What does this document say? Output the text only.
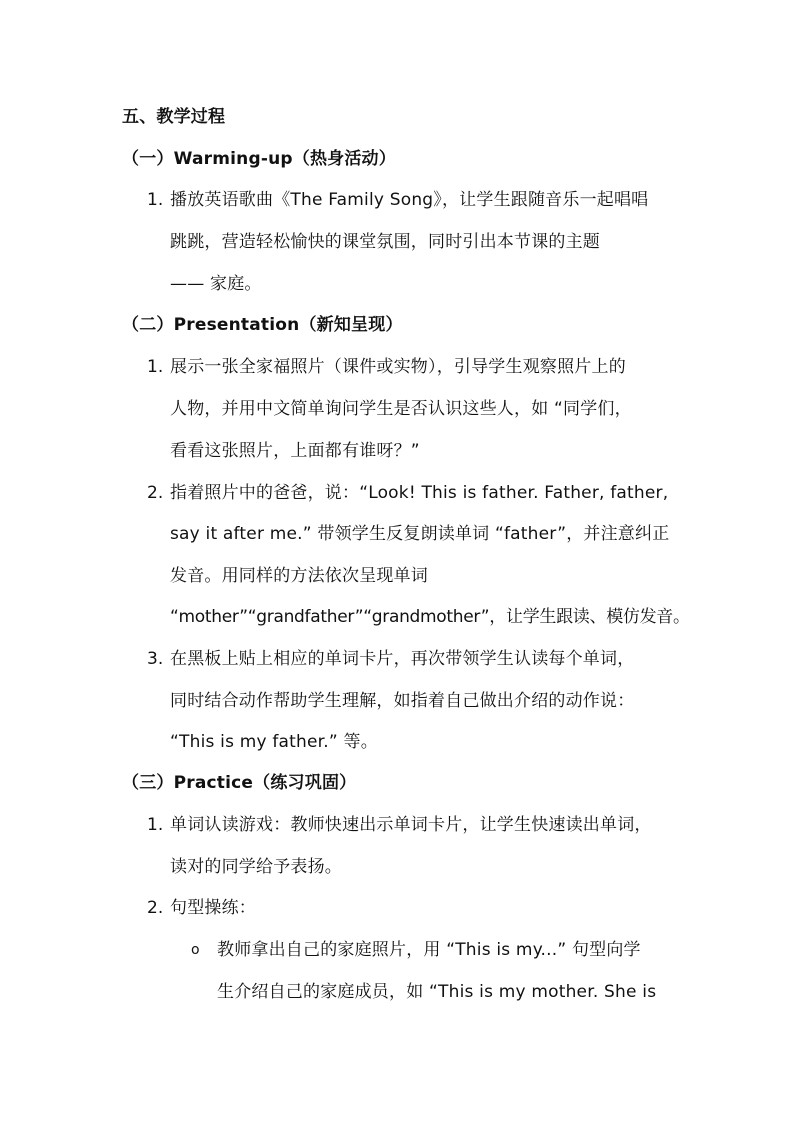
五、教学过程
（一）Warming-up（热身活动）
1. 播放英语歌曲《The Family Song》，让学生跟随音乐一起唱唱
跳跳，营造轻松愉快的课堂氛围，同时引出本节课的主题
—— 家庭。
（二）Presentation（新知呈现）
1. 展示一张全家福照片（课件或实物），引导学生观察照片上的
人物，并用中文简单询问学生是否认识这些人，如 “同学们，
看看这张照片，上面都有谁呀？”
2. 指着照片中的爸爸，说：“Look! This is father. Father, father,
say it after me.” 带领学生反复朗读单词 “father”，并注意纠正
发音。用同样的方法依次呈现单词
“mother”“grandfather”“grandmother”，让学生跟读、模仿发音。
3. 在黑板上贴上相应的单词卡片，再次带领学生认读每个单词，
同时结合动作帮助学生理解，如指着自己做出介绍的动作说：
“This is my father.” 等。
（三）Practice（练习巩固）
1. 单词认读游戏：教师快速出示单词卡片，让学生快速读出单词，
读对的同学给予表扬。
2. 句型操练：
o 教师拿出自己的家庭照片，用 “This is my...” 句型向学
生介绍自己的家庭成员，如 “This is my mother. She is
